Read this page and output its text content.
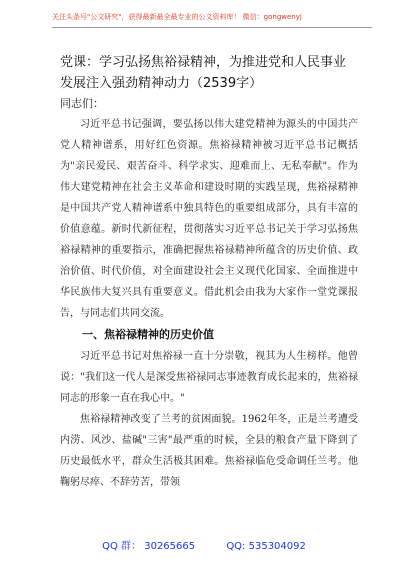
关注头条号"公文研究"，获得最新最全最专业的公文资料库！ 微信：gongwenyj

党课：学习弘扬焦裕禄精神，为推进党和人民事业发展注入强劲精神动力（2539字）

同志们：

习近平总书记强调，要弘扬以伟大建党精神为源头的中国共产党人精神谱系，用好红色资源。焦裕禄精神被习近平总书记概括为"亲民爱民、艰苦奋斗、科学求实、迎难而上、无私奉献"。作为伟大建党精神在社会主义革命和建设时期的实践呈现，焦裕禄精神是中国共产党人精神谱系中独具特色的重要组成部分，具有丰富的价值意蕴。新时代新征程，贯彻落实习近平总书记关于学习弘扬焦裕禄精神的重要指示，准确把握焦裕禄精神所蕴含的历史价值、政治价值、时代价值，对全面建设社会主义现代化国家、全面推进中华民族伟大复兴具有重要意义。借此机会由我为大家作一堂党课报告，与同志们共同交流。

一、焦裕禄精神的历史价值

习近平总书记对焦裕禄一直十分崇敬，视其为人生榜样。他曾说："我们这一代人是深受焦裕禄同志事迹教育成长起来的，焦裕禄同志的形象一直在我心中。"

焦裕禄精神改变了兰考的贫困面貌。1962年冬，正是兰考遭受内涝、风沙、盐碱"三害"最严重的时候，全县的粮食产量下降到了历史最低水平，群众生活极其困难。焦裕禄临危受命调任兰考。他鞠躬尽瘁、不辞劳苦，带领

QQ 群： 30265665	QQ: 535304092
